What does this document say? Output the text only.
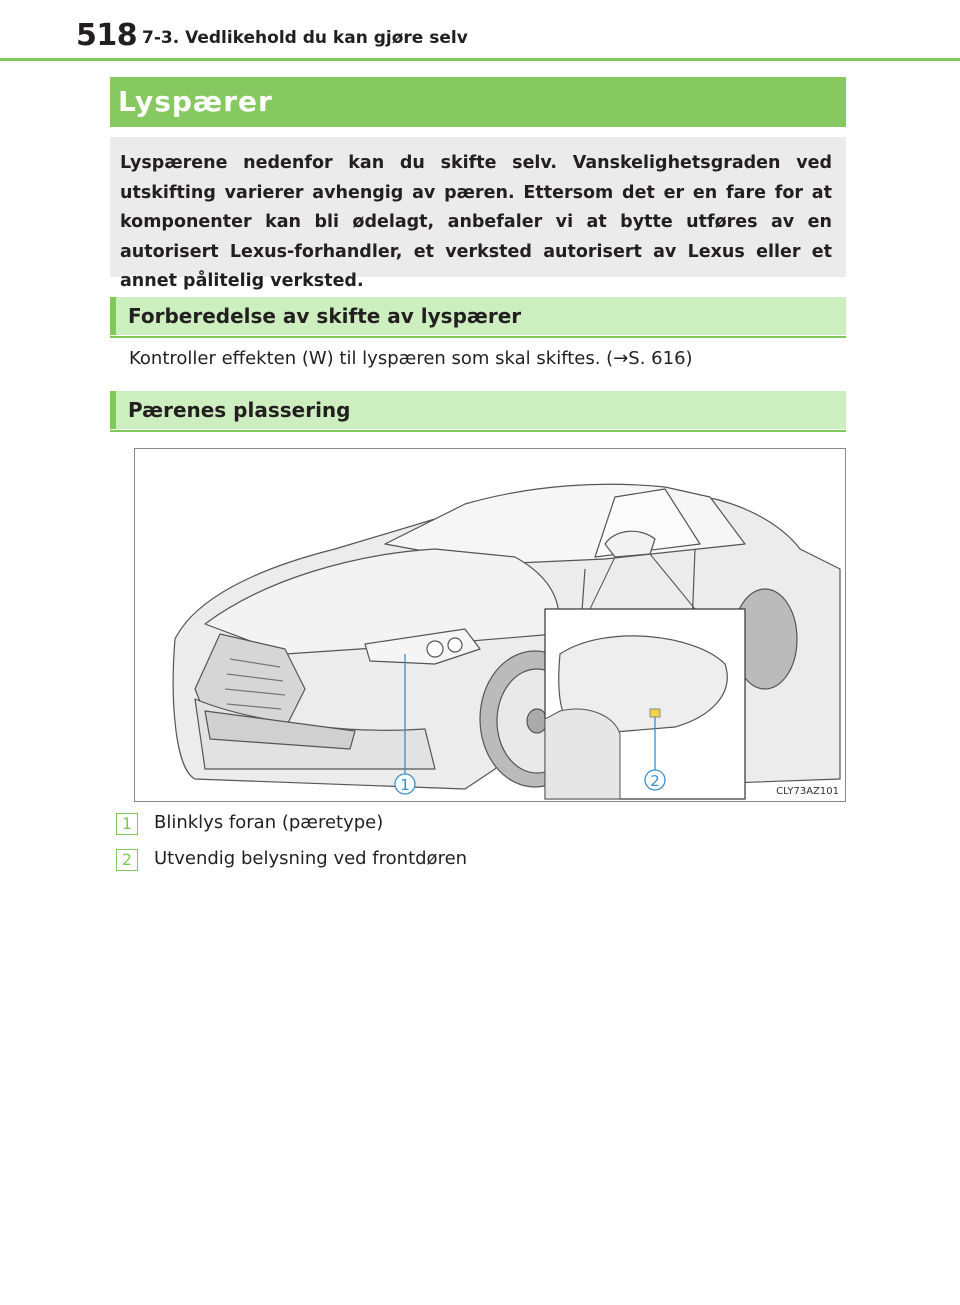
518 7-3. Vedlikehold du kan gjøre selv
Lyspærer
Lyspærene nedenfor kan du skifte selv. Vanskelighetsgraden ved utskifting varierer avhengig av pæren. Ettersom det er en fare for at komponenter kan bli ødelagt, anbefaler vi at bytte utføres av en autorisert Lexus-forhandler, et verksted autorisert av Lexus eller et annet pålitelig verksted.
Forberedelse av skifte av lyspærer
Kontroller effekten (W) til lyspæren som skal skiftes. (→S. 616)
Pærenes plassering
1	2
CLY73AZ101
1	Blinklys foran (pæretype)
2	Utvendig belysning ved frontdøren
